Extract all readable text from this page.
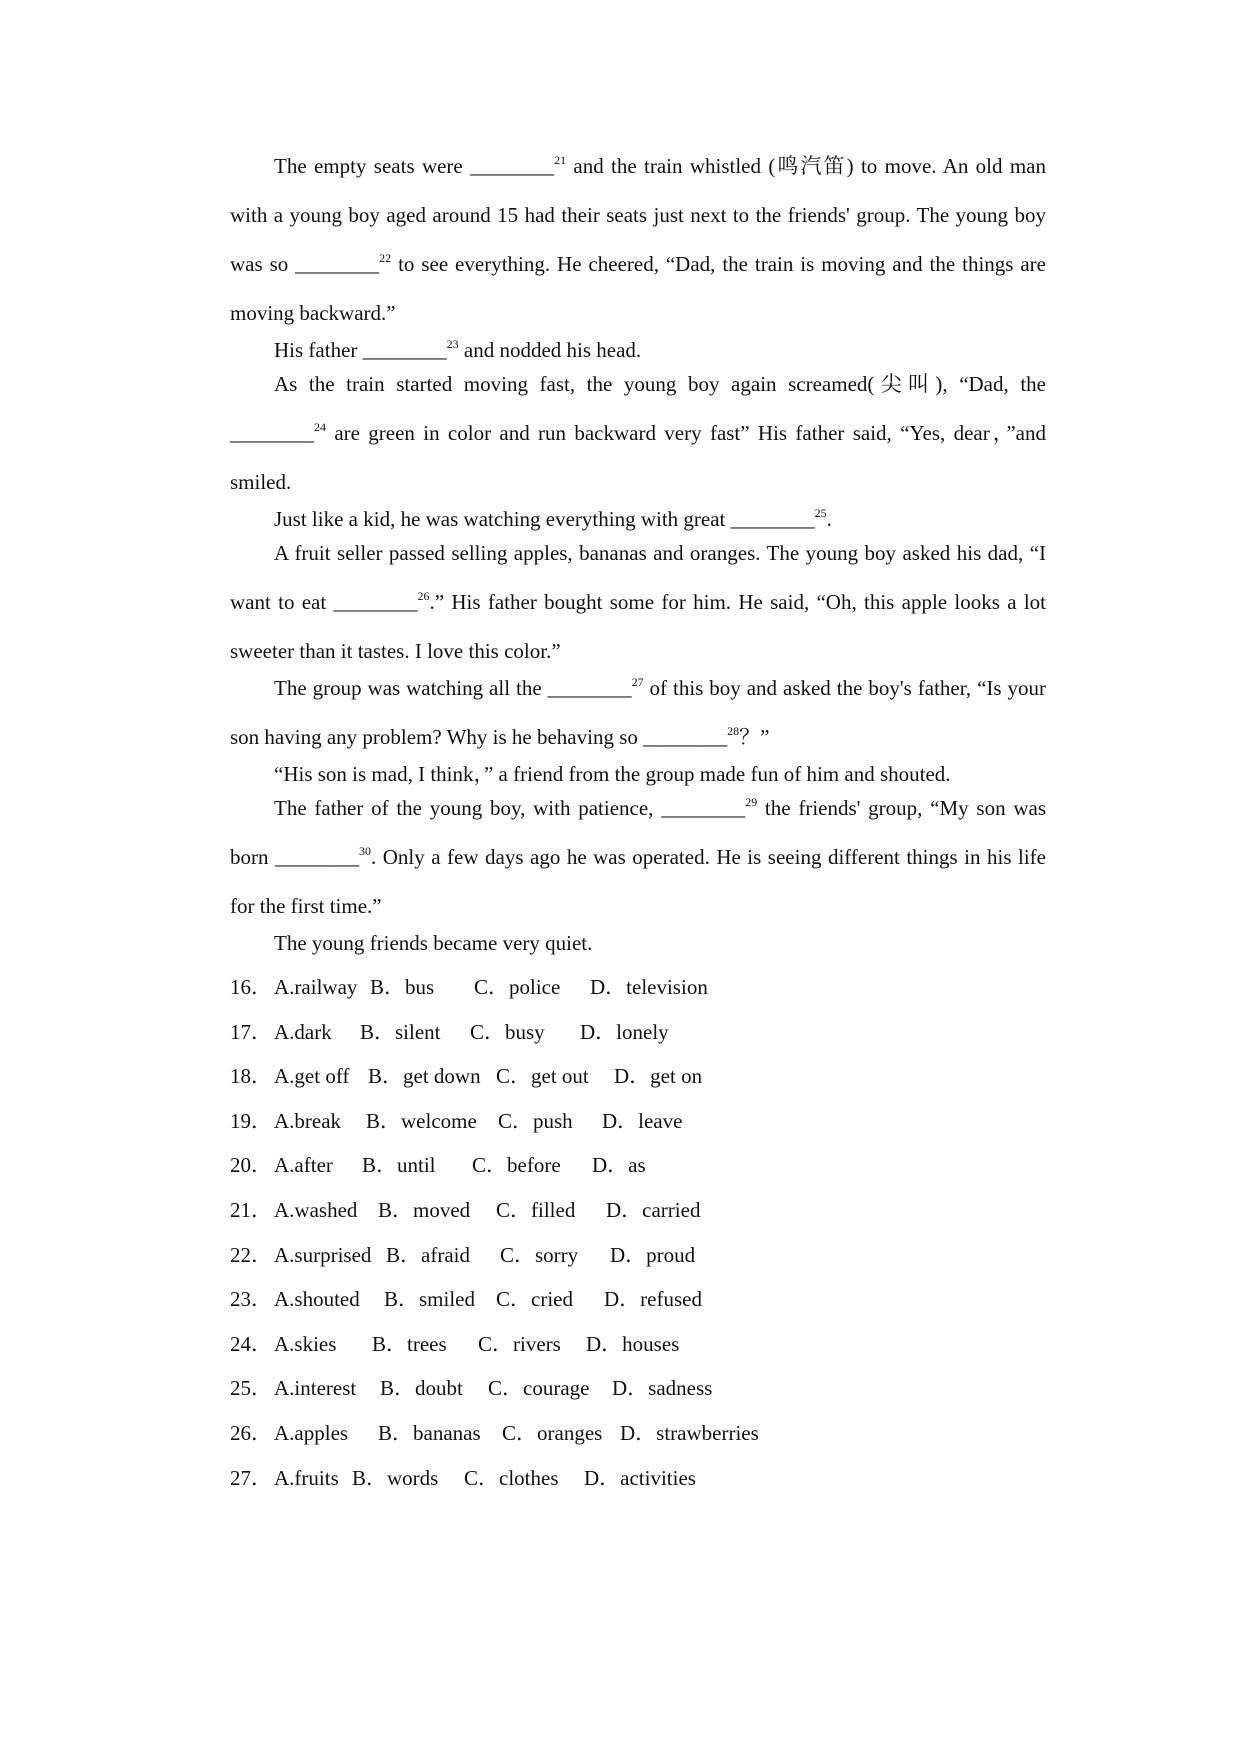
The empty seats were ________$^{21}$ and the train whistled (鸣汽笛) to move. An old man with a young boy aged around 15 had their seats just next to the friends' group. The young boy was so ________$^{22}$ to see everything. He cheered, “Dad, the train is moving and the things are moving backward.”

His father ________$^{23}$ and nodded his head.

As the train started moving fast, the young boy again screamed(尖叫), “Dad, the ________$^{24}$ are green in color and run backward very fast” His father said, “Yes, dear，”and smiled.

Just like a kid, he was watching everything with great ________$^{25}$.

A fruit seller passed selling apples, bananas and oranges. The young boy asked his dad, “I want to eat ________$^{26}$.” His father bought some for him. He said, “Oh, this apple looks a lot sweeter than it tastes. I love this color.”

The group was watching all the ________$^{27}$ of this boy and asked the boy's father, “Is your son having any problem? Why is he behaving so ________$^{28}$？”

“His son is mad, I think，” a friend from the group made fun of him and shouted.

The father of the young boy, with patience, ________$^{29}$ the friends' group, “My son was born ________$^{30}$. Only a few days ago he was operated. He is seeing different things in his life for the first time.”

The young friends became very quiet.

16．A.railway B．bus C．police D．television
17．A.dark B．silent C．busy D．lonely
18．A.get off B．get down C．get out D．get on
19．A.break B．welcome C．push D．leave
20．A.after B．until C．before D．as
21．A.washed B．moved C．filled D．carried
22．A.surprised B．afraid C．sorry D．proud
23．A.shouted B．smiled C．cried D．refused
24．A.skies B．trees C．rivers D．houses
25．A.interest B．doubt C．courage D．sadness
26．A.apples B．bananas C．oranges D．strawberries
27．A.fruits B．words C．clothes D．activities
